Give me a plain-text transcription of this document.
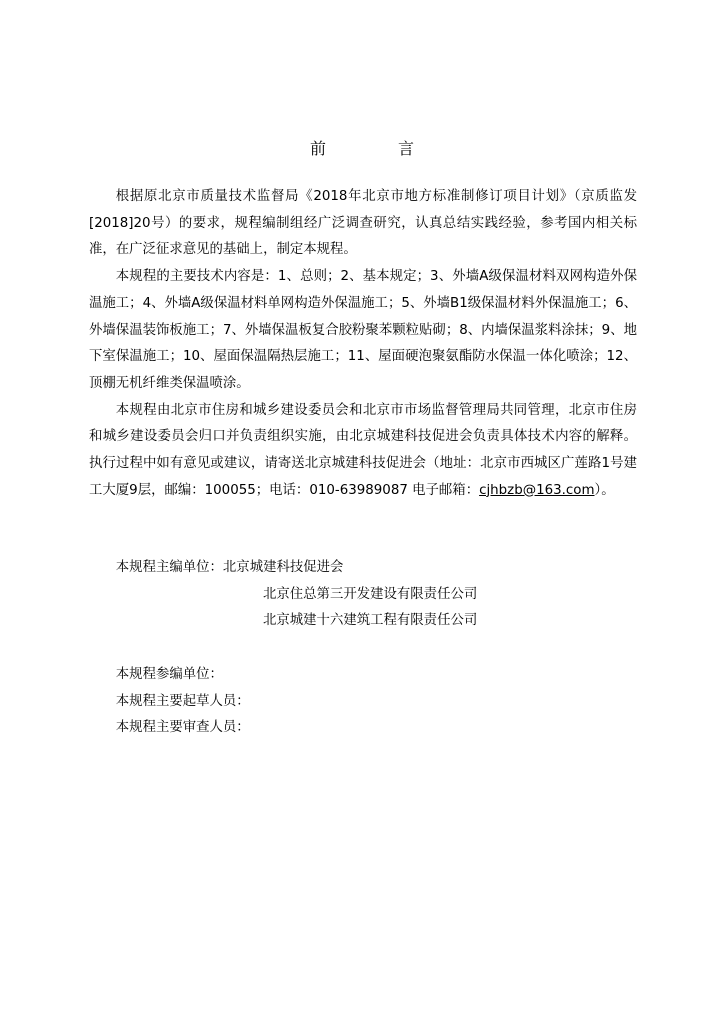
前　言

根据原北京市质量技术监督局《2018年北京市地方标准制修订项目计划》（京质监发[2018]20号）的要求，规程编制组经广泛调查研究，认真总结实践经验，参考国内相关标准，在广泛征求意见的基础上，制定本规程。

本规程的主要技术内容是：1、总则；2、基本规定；3、外墙A级保温材料双网构造外保温施工；4、外墙A级保温材料单网构造外保温施工；5、外墙B1级保温材料外保温施工；6、外墙保温装饰板施工；7、外墙保温板复合胶粉聚苯颗粒贴砌；8、内墙保温浆料涂抹；9、地下室保温施工；10、屋面保温隔热层施工；11、屋面硬泡聚氨酯防水保温一体化喷涂；12、顶棚无机纤维类保温喷涂。

本规程由北京市住房和城乡建设委员会和北京市市场监督管理局共同管理，北京市住房和城乡建设委员会归口并负责组织实施，由北京城建科技促进会负责具体技术内容的解释。执行过程中如有意见或建议，请寄送北京城建科技促进会（地址：北京市西城区广莲路1号建工大厦9层，邮编：100055；电话：010-63989087 电子邮箱：cjhbzb@163.com）。

本规程主编单位：北京城建科技促进会

北京住总第三开发建设有限责任公司

北京城建十六建筑工程有限责任公司

本规程参编单位：

本规程主要起草人员：

本规程主要审查人员：
